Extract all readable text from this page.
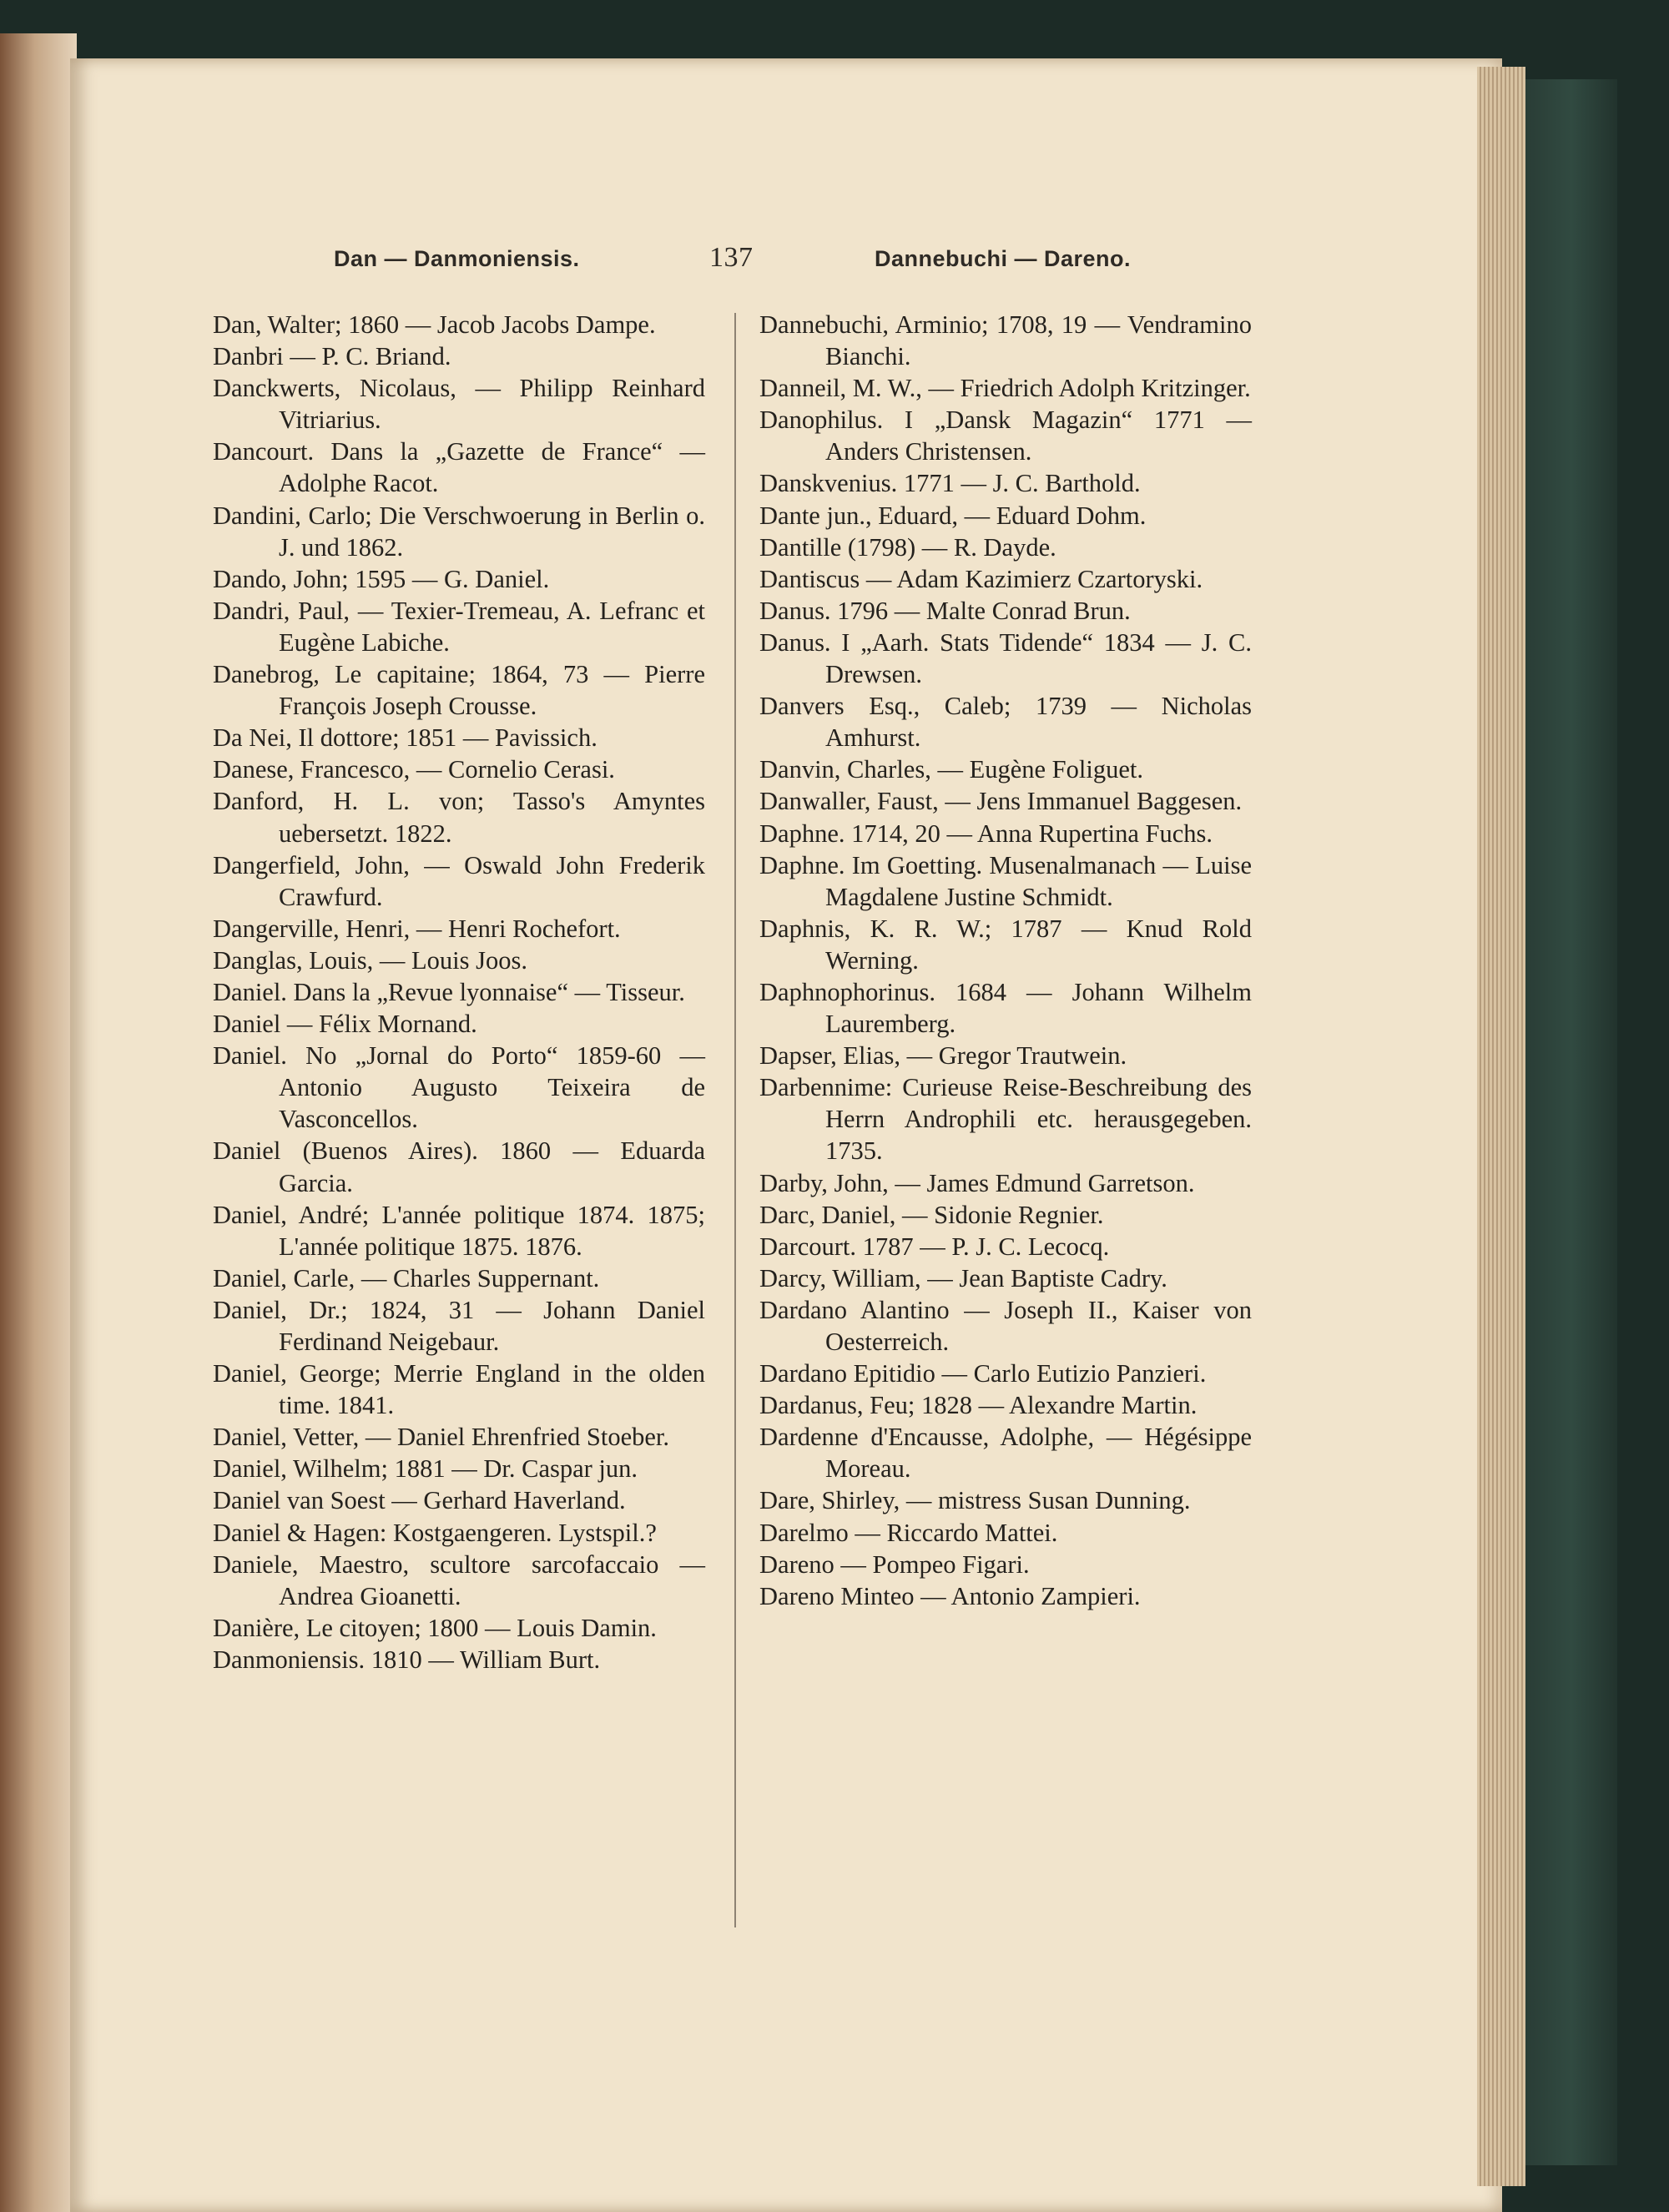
Dan — Danmoniensis.	137	Dannebuchi — Dareno.

Dan, Walter; 1860 — Jacob Jacobs Dampe.

Danbri — P. C. Briand.

Danckwerts, Nicolaus, — Philipp Reinhard Vitriarius.

Dancourt. Dans la „Gazette de France“ — Adolphe Racot.

Dandini, Carlo; Die Verschwoerung in Berlin o. J. und 1862.

Dando, John; 1595 — G. Daniel.

Dandri, Paul, — Texier-Tremeau, A. Lefranc et Eugène Labiche.

Danebrog, Le capitaine; 1864, 73 — Pierre François Joseph Crousse.

Da Nei, Il dottore; 1851 — Pavissich.

Danese, Francesco, — Cornelio Cerasi.

Danford, H. L. von; Tasso's Amyntes uebersetzt. 1822.

Dangerfield, John, — Oswald John Frederik Crawfurd.

Dangerville, Henri, — Henri Rochefort.

Danglas, Louis, — Louis Joos.

Daniel. Dans la „Revue lyonnaise“ — Tisseur.

Daniel — Félix Mornand.

Daniel. No „Jornal do Porto“ 1859-60 — Antonio Augusto Teixeira de Vasconcellos.

Daniel (Buenos Aires). 1860 — Eduarda Garcia.

Daniel, André; L'année politique 1874. 1875; L'année politique 1875. 1876.

Daniel, Carle, — Charles Suppernant.

Daniel, Dr.; 1824, 31 — Johann Daniel Ferdinand Neigebaur.

Daniel, George; Merrie England in the olden time. 1841.

Daniel, Vetter, — Daniel Ehrenfried Stoeber.

Daniel, Wilhelm; 1881 — Dr. Caspar jun.

Daniel van Soest — Gerhard Haverland.

Daniel & Hagen: Kostgaengeren. Lystspil.?

Daniele, Maestro, scultore sarcofaccaio — Andrea Gioanetti.

Danière, Le citoyen; 1800 — Louis Damin.

Danmoniensis. 1810 — William Burt.

Dannebuchi, Arminio; 1708, 19 — Vendramino Bianchi.

Danneil, M. W., — Friedrich Adolph Kritzinger.

Danophilus. I „Dansk Magazin“ 1771 — Anders Christensen.

Danskvenius. 1771 — J. C. Barthold.

Dante jun., Eduard, — Eduard Dohm.

Dantille (1798) — R. Dayde.

Dantiscus — Adam Kazimierz Czartoryski.

Danus. 1796 — Malte Conrad Brun.

Danus. I „Aarh. Stats Tidende“ 1834 — J. C. Drewsen.

Danvers Esq., Caleb; 1739 — Nicholas Amhurst.

Danvin, Charles, — Eugène Foliguet.

Danwaller, Faust, — Jens Immanuel Baggesen.

Daphne. 1714, 20 — Anna Rupertina Fuchs.

Daphne. Im Goetting. Musenalmanach — Luise Magdalene Justine Schmidt.

Daphnis, K. R. W.; 1787 — Knud Rold Werning.

Daphnophorinus. 1684 — Johann Wilhelm Lauremberg.

Dapser, Elias, — Gregor Trautwein.

Darbennime: Curieuse Reise-Beschreibung des Herrn Androphili etc. herausgegeben. 1735.

Darby, John, — James Edmund Garretson.

Darc, Daniel, — Sidonie Regnier.

Darcourt. 1787 — P. J. C. Lecocq.

Darcy, William, — Jean Baptiste Cadry.

Dardano Alantino — Joseph II., Kaiser von Oesterreich.

Dardano Epitidio — Carlo Eutizio Panzieri.

Dardanus, Feu; 1828 — Alexandre Martin.

Dardenne d'Encausse, Adolphe, — Hégésippe Moreau.

Dare, Shirley, — mistress Susan Dunning.

Darelmo — Riccardo Mattei.

Dareno — Pompeo Figari.

Dareno Minteo — Antonio Zampieri.
